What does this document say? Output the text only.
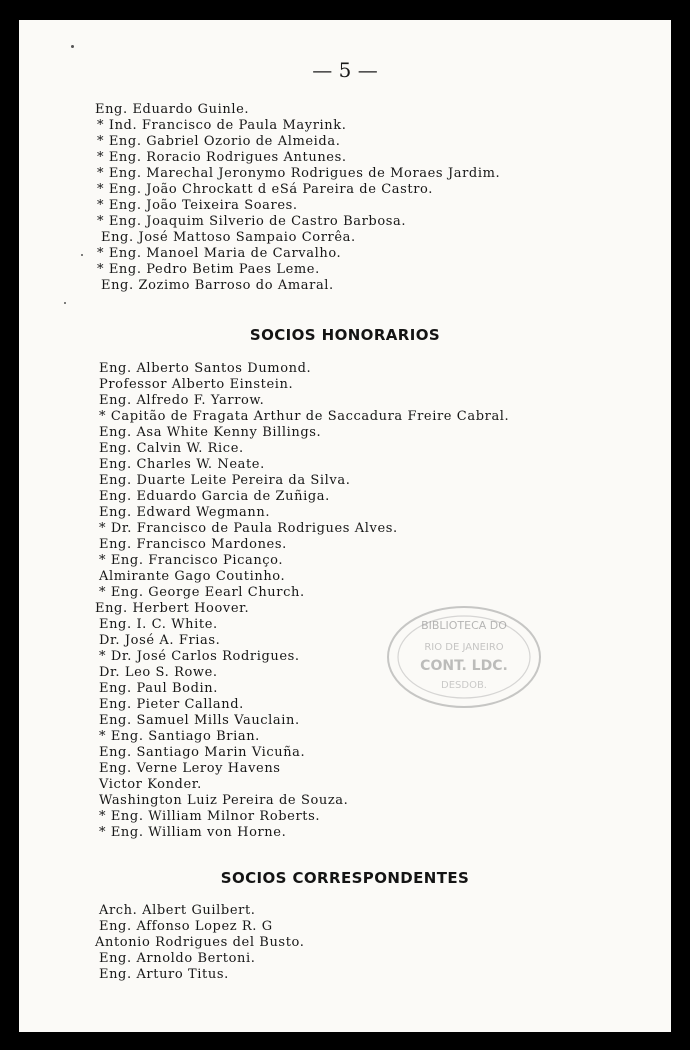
— 5 —
Eng. Eduardo Guinle.
* Ind. Francisco de Paula Mayrink.
* Eng. Gabriel Ozorio de Almeida.
* Eng. Roracio Rodrigues Antunes.
* Eng. Marechal Jeronymo Rodrigues de Moraes Jardim.
* Eng. João Chrockatt d eSá Pareira de Castro.
* Eng. João Teixeira Soares.
* Eng. Joaquim Silverio de Castro Barbosa.
Eng. José Mattoso Sampaio Corrêa.
* Eng. Manoel Maria de Carvalho.
* Eng. Pedro Betim Paes Leme.
Eng. Zozimo Barroso do Amaral.
SOCIOS HONORARIOS
Eng. Alberto Santos Dumond.
Professor Alberto Einstein.
Eng. Alfredo F. Yarrow.
* Capitão de Fragata Arthur de Saccadura Freire Cabral.
Eng. Asa White Kenny Billings.
Eng. Calvin W. Rice.
Eng. Charles W. Neate.
Eng. Duarte Leite Pereira da Silva.
Eng. Eduardo Garcia de Zuñiga.
Eng. Edward Wegmann.
* Dr. Francisco de Paula Rodrigues Alves.
Eng. Francisco Mardones.
* Eng. Francisco Picanço.
Almirante Gago Coutinho.
* Eng. George Eearl Church.
Eng. Herbert Hoover.
Eng. I. C. White.
Dr. José A. Frias.
* Dr. José Carlos Rodrigues.
Dr. Leo S. Rowe.
Eng. Paul Bodin.
Eng. Pieter Calland.
Eng. Samuel Mills Vauclain.
* Eng. Santiago Brian.
Eng. Santiago Marin Vicuña.
Eng. Verne Leroy Havens
Victor Konder.
Washington Luiz Pereira de Souza.
* Eng. William Milnor Roberts.
* Eng. William von Horne.
SOCIOS CORRESPONDENTES
Arch. Albert Guilbert.
Eng. Affonso Lopez R. G
Antonio Rodrigues del Busto.
Eng. Arnoldo Bertoni.
Eng. Arturo Titus.
BIBLIOTECA DO
RIO DE JANEIRO
CONT. LDC.
DESDOB.
